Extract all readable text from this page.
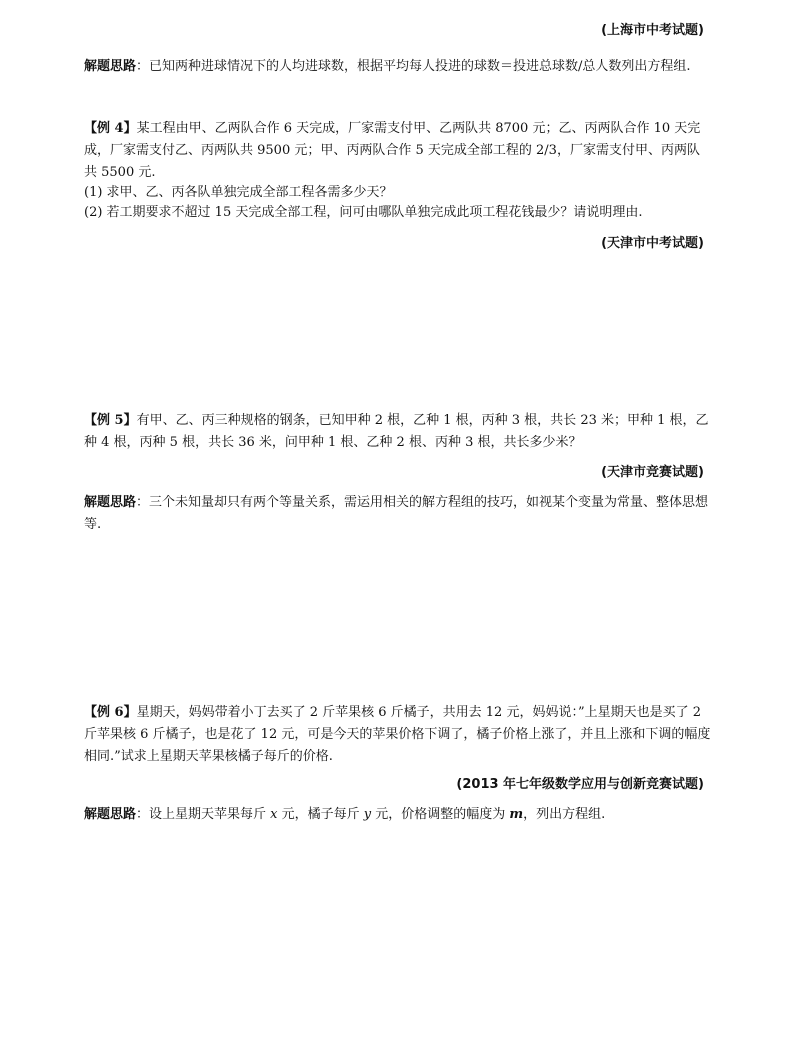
(上海市中考试题)
解题思路：已知两种进球情况下的人均进球数，根据平均每人投进的球数＝投进总球数/总人数列出方程组.
【例 4】某工程由甲、乙两队合作 6 天完成，厂家需支付甲、乙两队共 8700 元；乙、丙两队合作 10 天完成，厂家需支付乙、丙两队共 9500 元；甲、丙两队合作 5 天完成全部工程的 2/3，厂家需支付甲、丙两队共 5500 元.
(1) 求甲、乙、丙各队单独完成全部工程各需多少天？
(2) 若工期要求不超过 15 天完成全部工程，问可由哪队单独完成此项工程花钱最少？请说明理由.
(天津市中考试题)
【例 5】有甲、乙、丙三种规格的钢条，已知甲种 2 根，乙种 1 根，丙种 3 根，共长 23 米；甲种 1 根，乙种 4 根，丙种 5 根，共长 36 米，问甲种 1 根、乙种 2 根、丙种 3 根，共长多少米？
(天津市竞赛试题)
解题思路：三个未知量却只有两个等量关系，需运用相关的解方程组的技巧，如视某个变量为常量、整体思想等.
【例 6】星期天，妈妈带着小丁去买了 2 斤苹果核 6 斤橘子，共用去 12 元，妈妈说：”上星期天也是买了 2 斤苹果核 6 斤橘子，也是花了 12 元，可是今天的苹果价格下调了，橘子价格上涨了，并且上涨和下调的幅度相同.”试求上星期天苹果核橘子每斤的价格.
(2013 年七年级数学应用与创新竞赛试题)
解题思路：设上星期天苹果每斤 x 元，橘子每斤 y 元，价格调整的幅度为 m，列出方程组.
